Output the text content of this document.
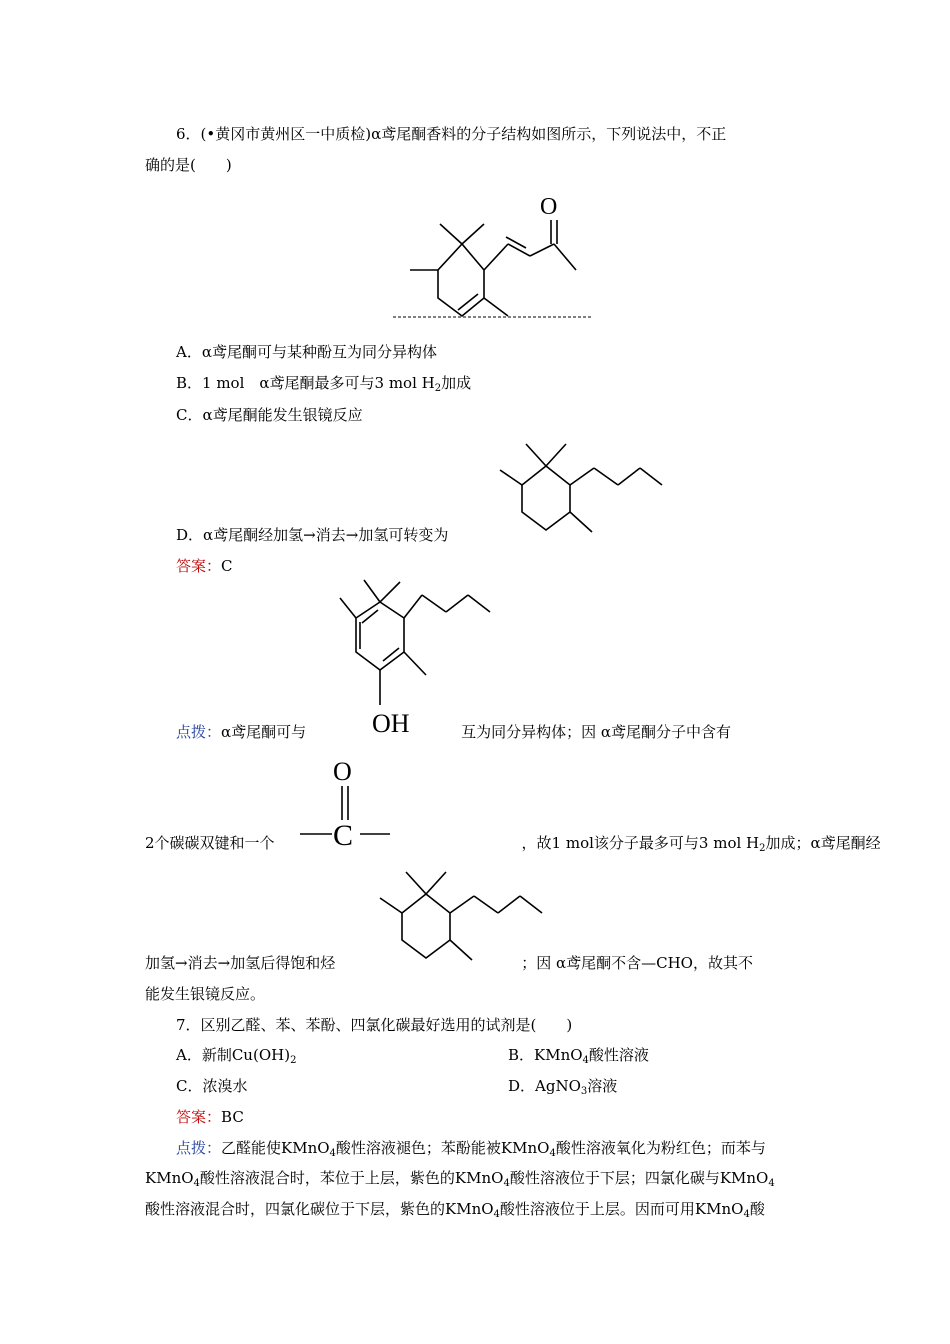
6．(•黄冈市黄州区一中质检)α鸢尾酮香料的分子结构如图所示，下列说法中，不正
确的是(　　)
O
A．α鸢尾酮可与某种酚互为同分异构体
B．1 mol　α鸢尾酮最多可与3 mol $H_2$加成
C．α鸢尾酮能发生银镜反应
D．α鸢尾酮经加氢→消去→加氢可转变为
答案：C
OH
点拨：α鸢尾酮可与	互为同分异构体；因 α鸢尾酮分子中含有
O
C
2个碳碳双键和一个	，故1 mol该分子最多可与3 mol $H_2$加成；α鸢尾酮经
加氢→消去→加氢后得饱和烃	；因 α鸢尾酮不含—CHO，故其不
能发生银镜反应。
7．区别乙醛、苯、苯酚、四氯化碳最好选用的试剂是(　　)
A．新制$Cu(OH)_2$	B．KMnO$_4$酸性溶液
C．浓溴水	D．AgNO$_3$溶液
答案：BC
点拨：乙醛能使KMnO$_4$酸性溶液褪色；苯酚能被KMnO$_4$酸性溶液氧化为粉红色；而苯与
KMnO$_4$酸性溶液混合时，苯位于上层，紫色的KMnO$_4$酸性溶液位于下层；四氯化碳与KMnO$_4$
酸性溶液混合时，四氯化碳位于下层，紫色的KMnO$_4$酸性溶液位于上层。因而可用KMnO$_4$酸
